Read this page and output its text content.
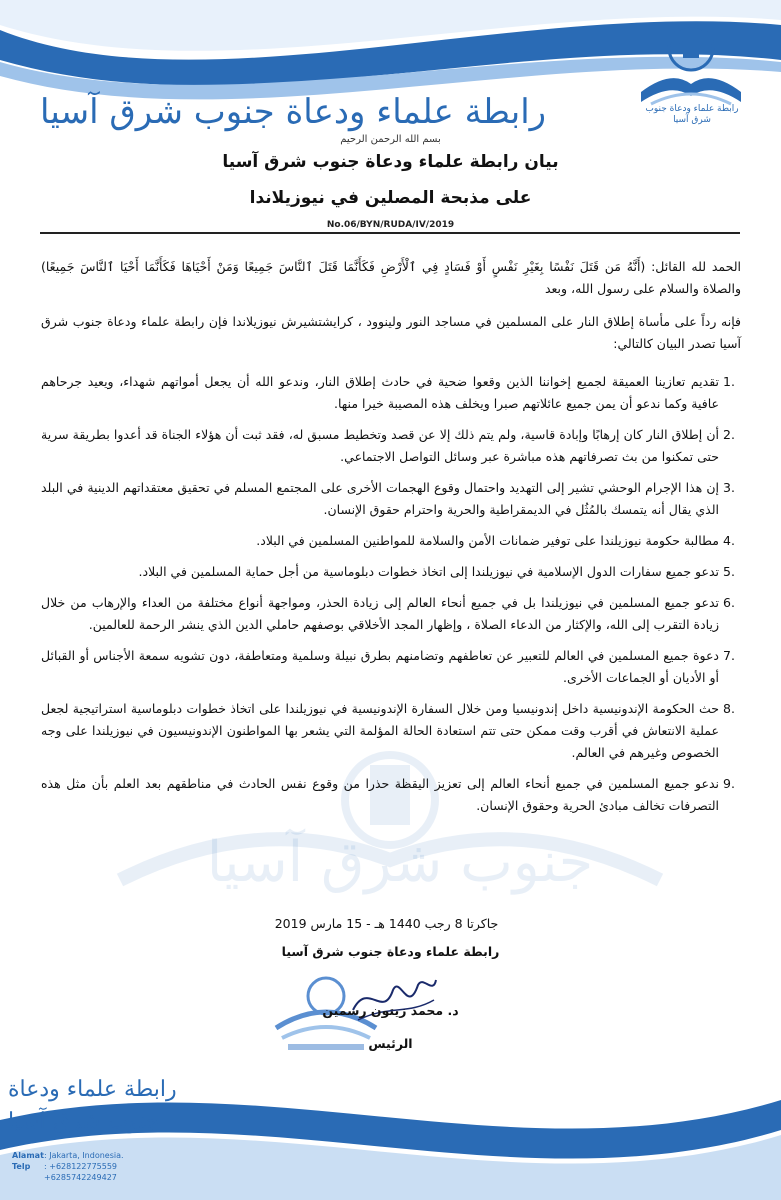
رابطة علماء ودعاة جنوب شرق آسيا	رابطة علماء ودعاة جنوب شرق آسيا
بسم الله الرحمن الرحيم
بيان رابطة علماء ودعاة جنوب شرق آسيا
على مذبحة المصلين في نيوزيلاندا
No.06/BYN/RUDA/IV/2019
جنوب شرق آسيا
الحمد لله القائل: (أَنَّهُ مَن قَتَلَ نَفْسًا بِغَيْرِ نَفْسٍ أَوْ فَسَادٍ فِي ٱلْأَرْضِ فَكَأَنَّمَا قَتَلَ ٱلنَّاسَ جَمِيعًا وَمَنْ أَحْيَاهَا فَكَأَنَّمَا أَحْيَا ٱلنَّاسَ جَمِيعًا) والصلاة والسلام على رسول الله، وبعد
فإنه رداً على مأساة إطلاق النار على المسلمين في مساجد النور ولينوود ، كرايشتشيرش نيوزيلاندا فإن رابطة علماء ودعاة جنوب شرق آسيا تصدر البيان كالتالي:
.1
تقديم تعازينا العميقة لجميع إخواننا الذين وقعوا ضحية في حادث إطلاق النار، وندعو الله أن يجعل أمواتهم شهداء، ويعيد جرحاهم عافية وكما ندعو أن يمن جميع عائلاتهم صبرا ويخلف هذه المصيبة خيرا منها.
.2
أن إطلاق النار كان إرهابًا وإبادة قاسية، ولم يتم ذلك إلا عن قصد وتخطيط مسبق له، فقد ثبت أن هؤلاء الجناة قد أعدوا بطريقة سرية حتى تمكنوا من بث تصرفاتهم هذه مباشرة عبر وسائل التواصل الاجتماعي.
.3
إن هذا الإجرام الوحشي تشير إلى التهديد واحتمال وقوع الهجمات الأخرى على المجتمع المسلم في تحقيق معتقداتهم الدينية في البلد الذي يقال أنه يتمسك بالمُثُل في الديمقراطية والحرية واحترام حقوق الإنسان.
.4
مطالبة حكومة نيوزيلندا على توفير ضمانات الأمن والسلامة للمواطنين المسلمين في البلاد.
.5
تدعو جميع سفارات الدول الإسلامية في نيوزيلندا إلى اتخاذ خطوات دبلوماسية من أجل حماية المسلمين في البلاد.
.6
تدعو جميع المسلمين في نيوزيلندا بل في جميع أنحاء العالم إلى زيادة الحذر، ومواجهة أنواع مختلفة من العداء والإرهاب من خلال زيادة التقرب إلى الله، والإكثار من الدعاء الصلاة ، وإظهار المجد الأخلاقي بوصفهم حاملي الدين الذي ينشر الرحمة للعالمين.
.7
دعوة جميع المسلمين في العالم للتعبير عن تعاطفهم وتضامنهم بطرق نبيلة وسلمية ومتعاطفة، دون تشويه سمعة الأجناس أو القبائل أو الأديان أو الجماعات الأخرى.
.8
حث الحكومة الإندونيسية داخل إندونيسيا ومن خلال السفارة الإندونيسية في نيوزيلندا على اتخاذ خطوات دبلوماسية استراتيجية لجعل عملية الانتعاش في أقرب وقت ممكن حتى تتم استعادة الحالة المؤلمة التي يشعر بها المواطنون الإندونيسيون في نيوزيلندا على وجه الخصوص وغيرهم في العالم.
.9
ندعو جميع المسلمين في جميع أنحاء العالم إلى تعزيز اليقظة حذرا من وقوع نفس الحادث في مناطقهم بعد العلم بأن مثل هذه التصرفات تخالف مبادئ الحرية وحقوق الإنسان.
جاكرتا 8 رجب 1440 هـ - 15 مارس 2019
رابطة علماء ودعاة جنوب شرق آسيا
د. محمد زيتون رسمين
الرئيس
رابطة علماء ودعاة
جنوب شرق آسيا
Alamat: Jakarta, Indonesia.
Telp : +628122775559
+6285742249427
